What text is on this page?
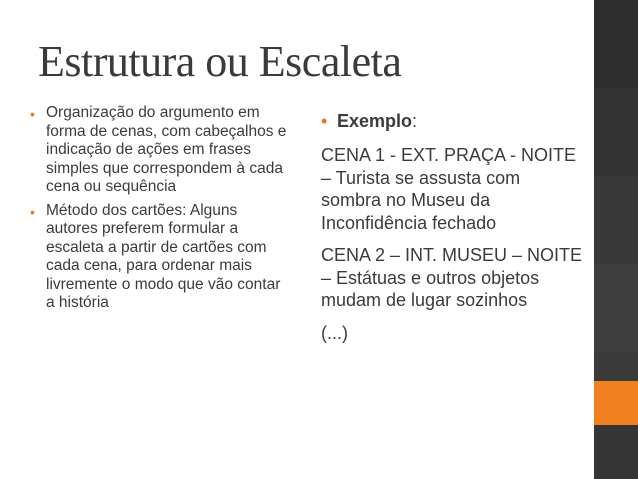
Estrutura ou Escaleta
• Organização do argumento em forma de cenas, com cabeçalhos e indicação de ações em frases simples que correspondem à cada cena ou sequência
• Método dos cartões: Alguns autores preferem formular a escaleta a partir de cartões com cada cena, para ordenar mais livremente o modo que vão contar a história
• Exemplo:
CENA 1 - EXT. PRAÇA - NOITE – Turista se assusta com sombra no Museu da Inconfidência fechado
CENA 2 – INT. MUSEU – NOITE – Estátuas e outros objetos mudam de lugar sozinhos
(...)
